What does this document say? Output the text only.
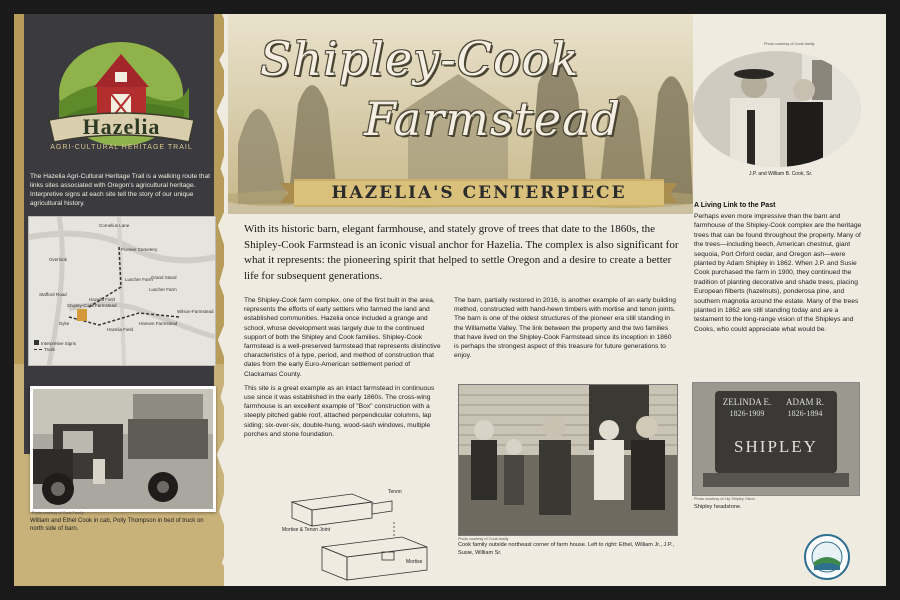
Hazelia
AGRI-CULTURAL HERITAGE TRAIL
The Hazelia Agri-Cultural Heritage Trail is a walking route that links sites associated with Oregon's agricultural heritage. Interpretive signs at each site tell the story of our unique agricultural history.
Pioneer Cemetery
Overlook
Cornelius Lane
Luscher Farm
Luscher Farm
Grand Stand
Shipley-Cook Farmstead
Hazelia Field
Stafford Road
Dyke
Hazelia Field
Hansen Farmstead
Wilson-Farmstead
Interpretive Signs
Trails
Photo courtesy of Cook Family
William and Ethel Cook in cab, Polly Thompson in bed of truck on north side of barn.
Shipley-Cook
Farmstead
HAZELIA'S CENTERPIECE
With its historic barn, elegant farmhouse, and stately grove of trees that date to the 1860s, the Shipley-Cook Farmstead is an iconic visual anchor for Hazelia. The complex is also significant for what it represents: the pioneering spirit that helped to settle Oregon and a desire to create a better life for subsequent generations.

The Shipley-Cook farm complex, one of the first built in the area, represents the efforts of early settlers who farmed the land and established communities. Hazelia once included a grange and school, whose development was largely due to the continued support of both the Shipley and Cook families. Shipley-Cook farmstead is a well-preserved farmstead that represents distinctive characteristics of a type, period, and method of construction that dates from the early Euro-American settlement period of Clackamas County.

This site is a great example as an intact farmstead in continuous use since it was established in the early 1860s. The cross-wing farmhouse is an excellent example of "Box" construction with a steeply pitched gable roof, attached perpendicular columns, lap siding; six-over-six, double-hung, wood-sash windows, multiple porches and stone foundation.

Tenon
Mortise & Tenon Joint
Mortise

The barn, partially restored in 2016, is another example of an early building method, constructed with hand-hewn timbers with mortise and tenon joints. The barn is one of the oldest structures of the pioneer era still standing in the Willamette Valley. The link between the property and the two families that have lived on the Shipley-Cook Farmstead since its inception in 1860 is perhaps the strongest aspect of this treasure for future generations to enjoy.

Photo courtesy of Cook family
Cook family outside northeast corner of farm house. Left to right: Ethel, William Jr., J.P., Susie, William Sr.
Photo courtesy of Cook family
J.P. and William B. Cook, Sr.
A Living Link to the Past
Perhaps even more impressive than the barn and farmhouse of the Shipley-Cook complex are the heritage trees that can be found throughout the property. Many of the trees—including beech, American chestnut, giant sequoia, Port Orford cedar, and Oregon ash—were planted by Adam Shipley in 1862. When J.P. and Susie Cook purchased the farm in 1900, they continued the tradition of planting decorative and shade trees, placing European filberts (hazelnuts), ponderosa pine, and southern magnolia around the estate. Many of the trees planted in 1862 are still standing today and are a testament to the long-range vision of the Shipleys and Cooks, who could appreciate what would be.
ZELINDA E.
1826-1909
ADAM R.
1826-1894
SHIPLEY
Photo courtesy of Lily Shipley Olson
Shipley headstone.
